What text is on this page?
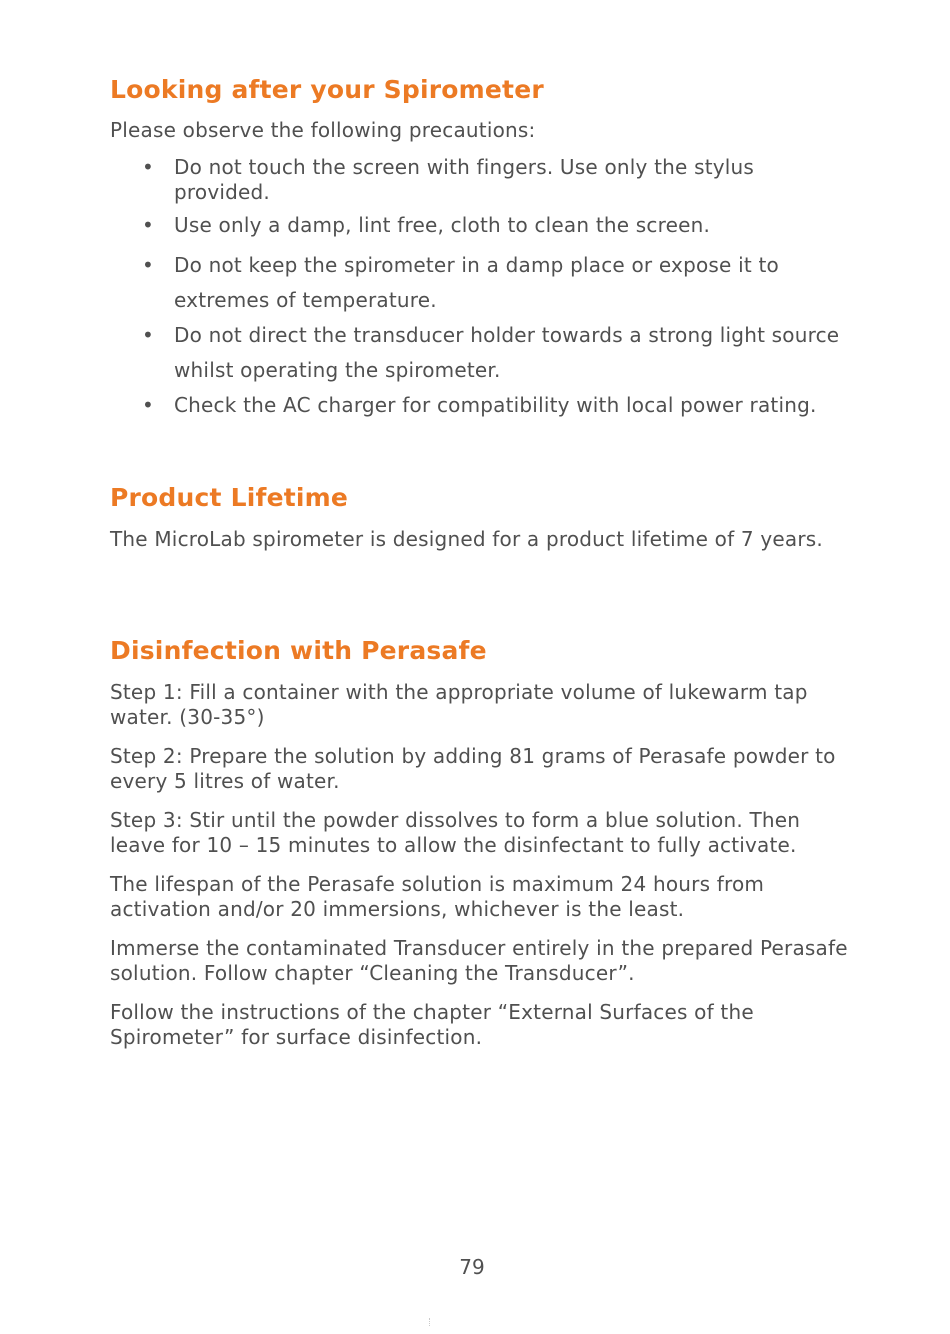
Looking after your Spirometer

Please observe the following precautions:

• Do not touch the screen with fingers. Use only the stylus provided.
• Use only a damp, lint free, cloth to clean the screen.
• Do not keep the spirometer in a damp place or expose it to extremes of temperature.
• Do not direct the transducer holder towards a strong light source whilst operating the spirometer.
• Check the AC charger for compatibility with local power rating.
Product Lifetime

The MicroLab spirometer is designed for a product lifetime of 7 years.

Disinfection with Perasafe

Step 1: Fill a container with the appropriate volume of lukewarm tap water. (30-35°)

Step 2: Prepare the solution by adding 81 grams of Perasafe powder to every 5 litres of water.

Step 3: Stir until the powder dissolves to form a blue solution. Then leave for 10 – 15 minutes to allow the disinfectant to fully activate.

The lifespan of the Perasafe solution is maximum 24 hours from activation and/or 20 immersions, whichever is the least.

Immerse the contaminated Transducer entirely in the prepared Perasafe solution. Follow chapter “Cleaning the Transducer”.

Follow the instructions of the chapter “External Surfaces of the Spirometer” for surface disinfection.

79
